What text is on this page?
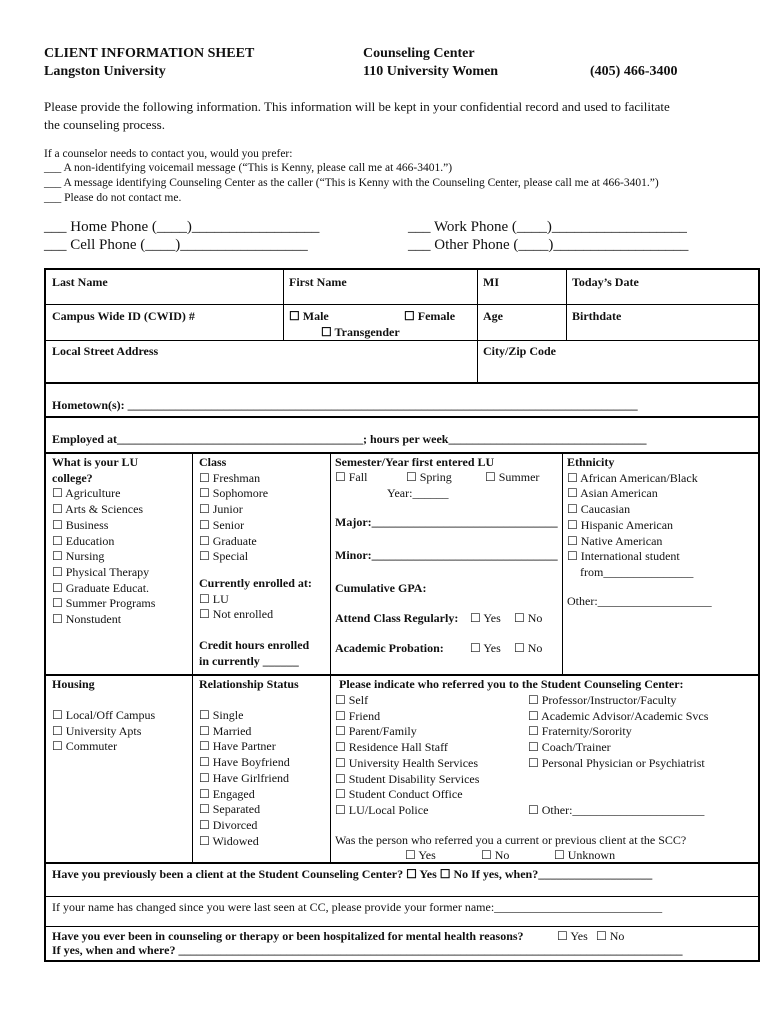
CLIENT INFORMATION SHEET
Langston University
Counseling Center
110 University Women	(405) 466-3400
Please provide the following information. This information will be kept in your confidential record and used to facilitate
the counseling process.
If a counselor needs to contact you, would you prefer:
___ A non-identifying voicemail message (“This is Kenny, please call me at 466-3401.”)
___ A message identifying Counseling Center as the caller (“This is Kenny with the Counseling Center, please call me at 466-3401.”)
___ Please do not contact me.
___ Home Phone (____)_________________
___ Cell Phone (____)_________________
___ Work Phone (____)__________________
___ Other Phone (____)__________________
Last Name	First Name	MI	Today’s Date
Campus Wide ID (CWID) #	☐ Male	☐ Female
☐ Transgender
Age	Birthdate
Local Street Address	City/Zip Code
Hometown(s): _____________________________________________________________________________________
Employed at_________________________________________; hours per week_________________________________
What is your LU
college?
☐ Agriculture
☐ Arts & Sciences
☐ Business
☐ Education
☐ Nursing
☐ Physical Therapy
☐ Graduate Educat.
☐ Summer Programs
☐ Nonstudent
Class
☐ Freshman
☐ Sophomore
☐ Junior
☐ Senior
☐ Graduate
☐ Special
Currently enrolled at:
☐ LU
☐ Not enrolled
Credit hours enrolled
in currently ______
Semester/Year first entered LU
☐ Fall	☐ Spring	☐ Summer
Year:______
Major:_______________________________
Minor:_______________________________
Cumulative GPA:
Attend Class Regularly: ☐ Yes ☐ No
Academic Probation: ☐ Yes ☐ No
Ethnicity
☐ African American/Black
☐ Asian American
☐ Caucasian
☐ Hispanic American
☐ Native American
☐ International student
from_______________
Other:___________________
Housing
☐ Local/Off Campus
☐ University Apts
☐ Commuter
Relationship Status
☐ Single
☐ Married
☐ Have Partner
☐ Have Boyfriend
☐ Have Girlfriend
☐ Engaged
☐ Separated
☐ Divorced
☐ Widowed
Please indicate who referred you to the Student Counseling Center:
☐ Self
☐ Friend
☐ Parent/Family
☐ Residence Hall Staff
☐ University Health Services
☐ Student Disability Services
☐ Student Conduct Office
☐ LU/Local Police
☐ Professor/Instructor/Faculty
☐ Academic Advisor/Academic Svcs
☐ Fraternity/Sorority
☐ Coach/Trainer
☐ Personal Physician or Psychiatrist
☐ Other:______________________
Was the person who referred you a current or previous client at the SCC?
☐ Yes	☐ No	☐ Unknown
Have you previously been a client at the Student Counseling Center? ☐ Yes ☐ No If yes, when?___________________
If your name has changed since you were last seen at CC, please provide your former name:____________________________
Have you ever been in counseling or therapy or been hospitalized for mental health reasons?	☐ Yes ☐ No
If yes, when and where? ____________________________________________________________________________________
